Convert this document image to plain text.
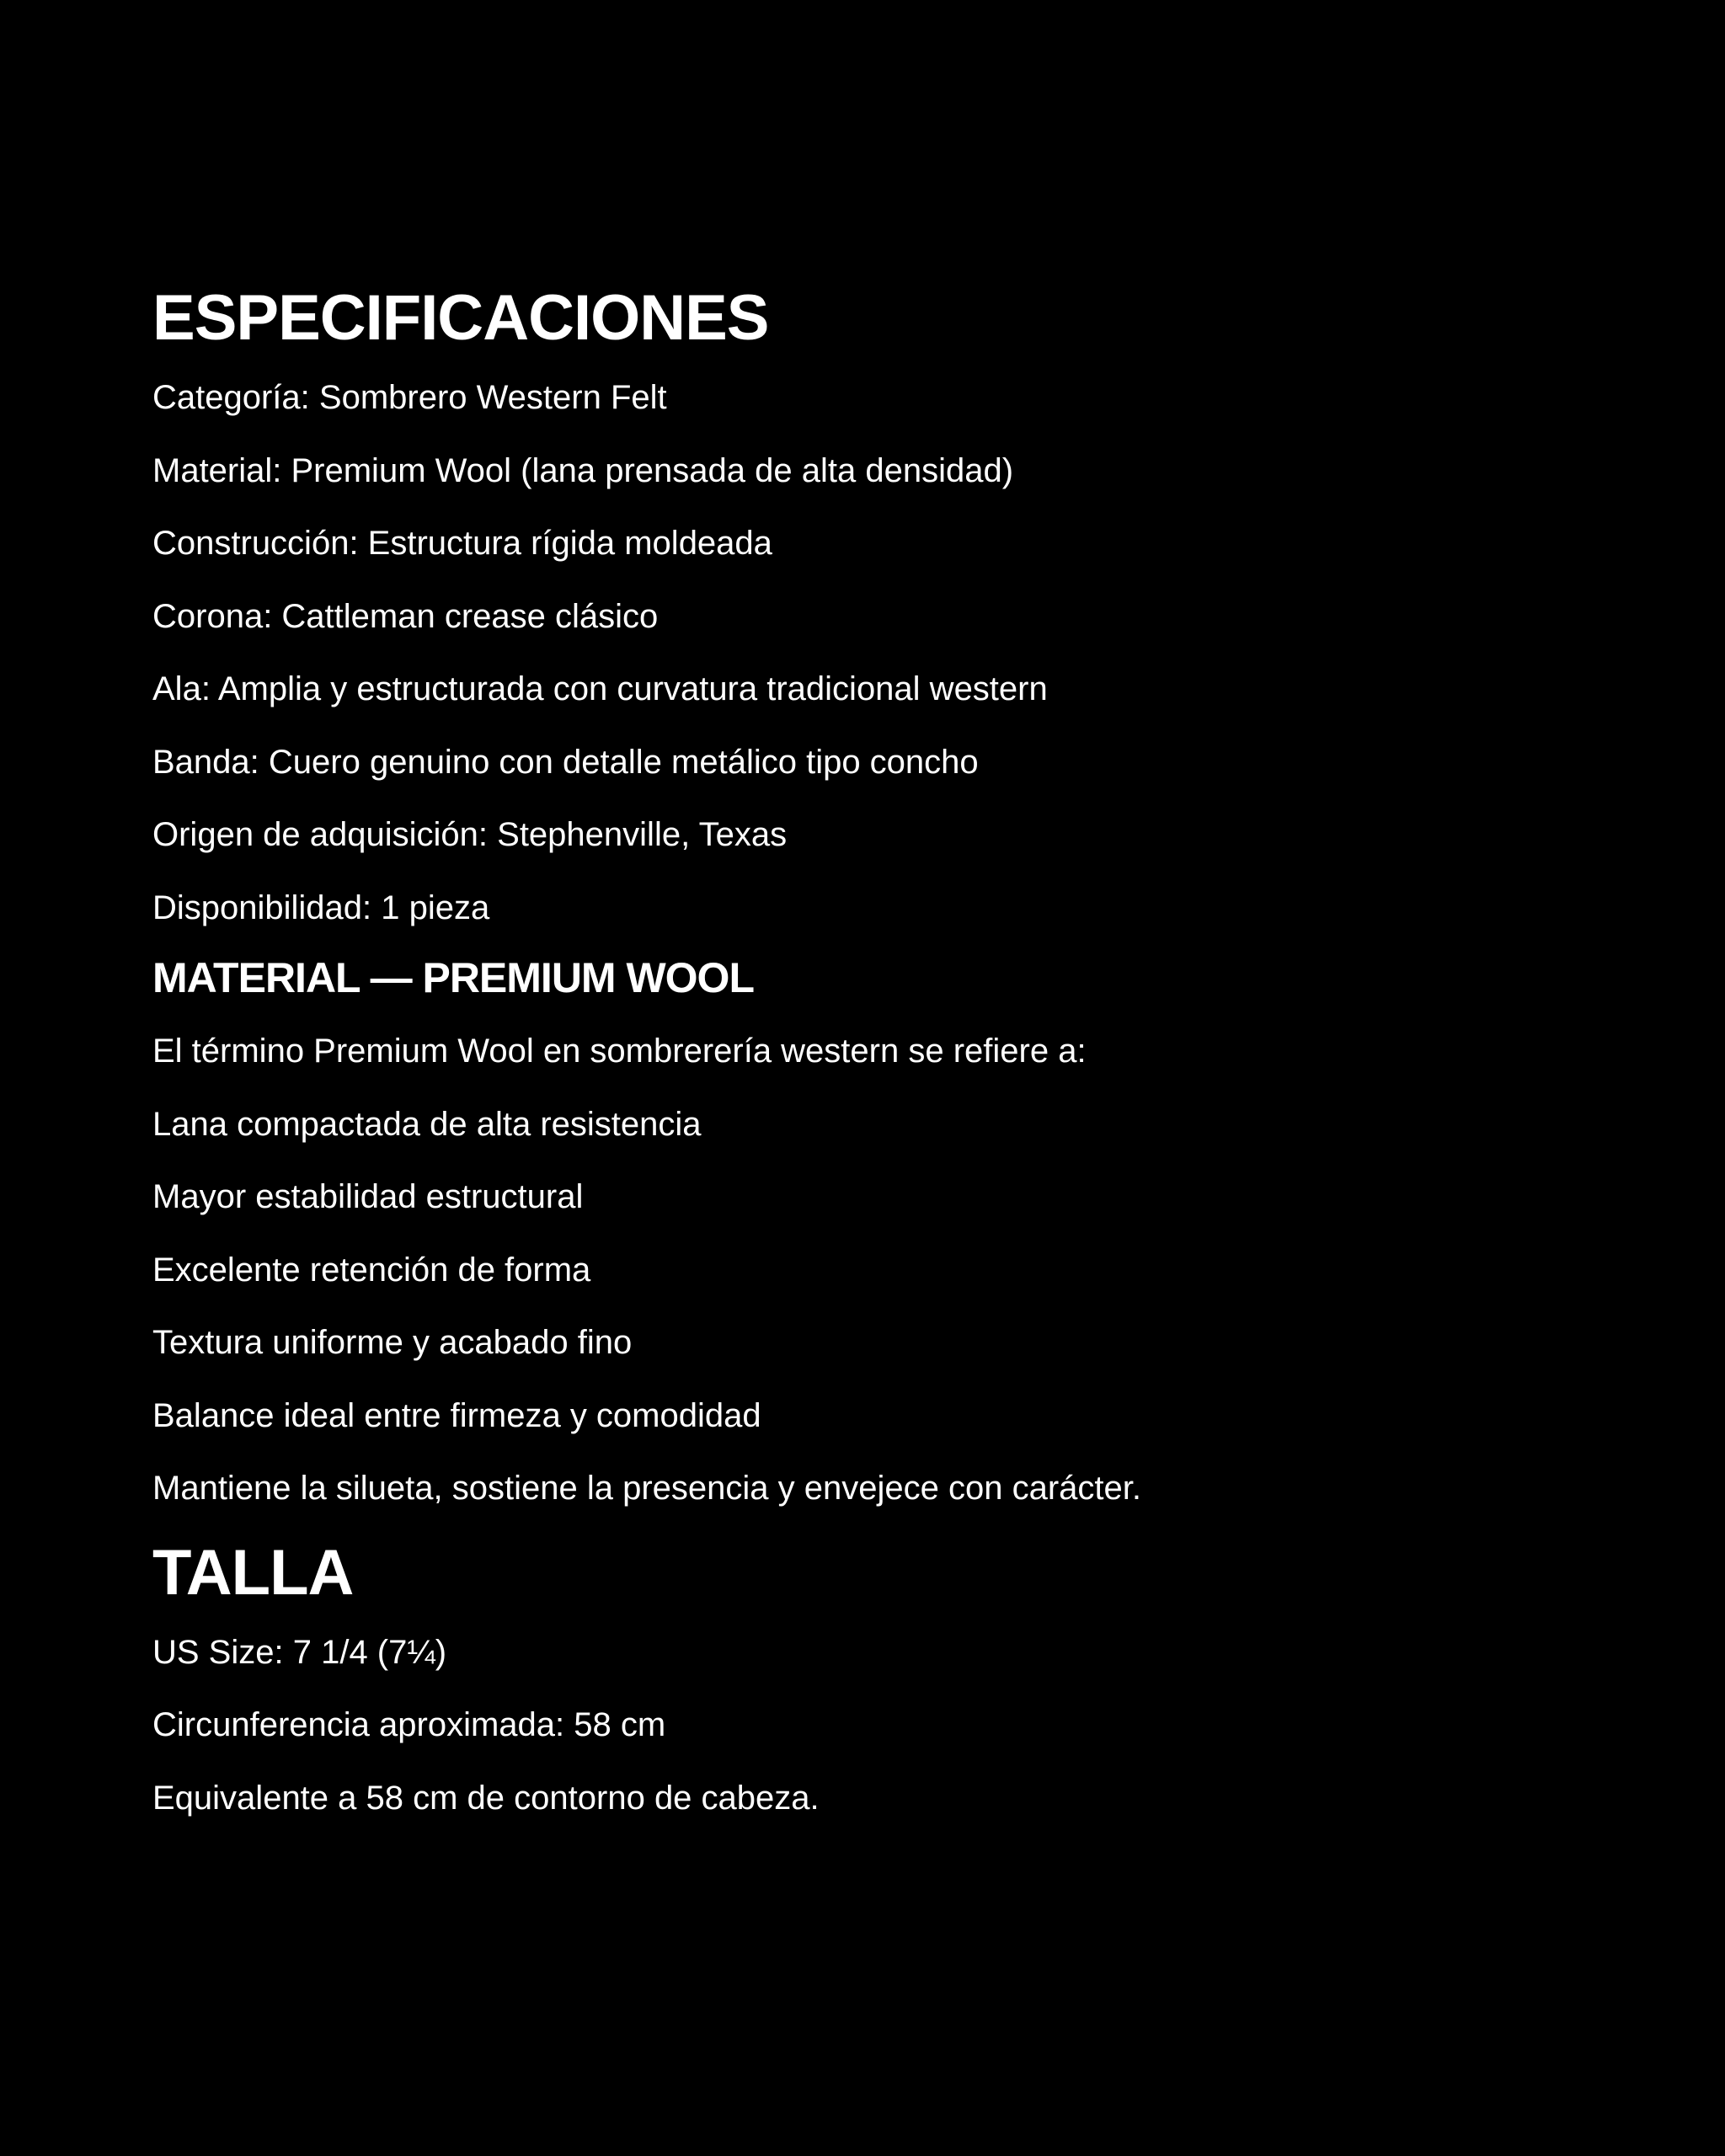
ESPECIFICACIONES
Categoría: Sombrero Western Felt
Material: Premium Wool (lana prensada de alta densidad)
Construcción: Estructura rígida moldeada
Corona: Cattleman crease clásico
Ala: Amplia y estructurada con curvatura tradicional western
Banda: Cuero genuino con detalle metálico tipo concho
Origen de adquisición: Stephenville, Texas
Disponibilidad: 1 pieza
MATERIAL — PREMIUM WOOL
El término Premium Wool en sombrerería western se refiere a:
Lana compactada de alta resistencia
Mayor estabilidad estructural
Excelente retención de forma
Textura uniforme y acabado fino
Balance ideal entre firmeza y comodidad
Mantiene la silueta, sostiene la presencia y envejece con carácter.
TALLA
US Size: 7 1/4 (7¼)
Circunferencia aproximada: 58 cm
Equivalente a 58 cm de contorno de cabeza.
